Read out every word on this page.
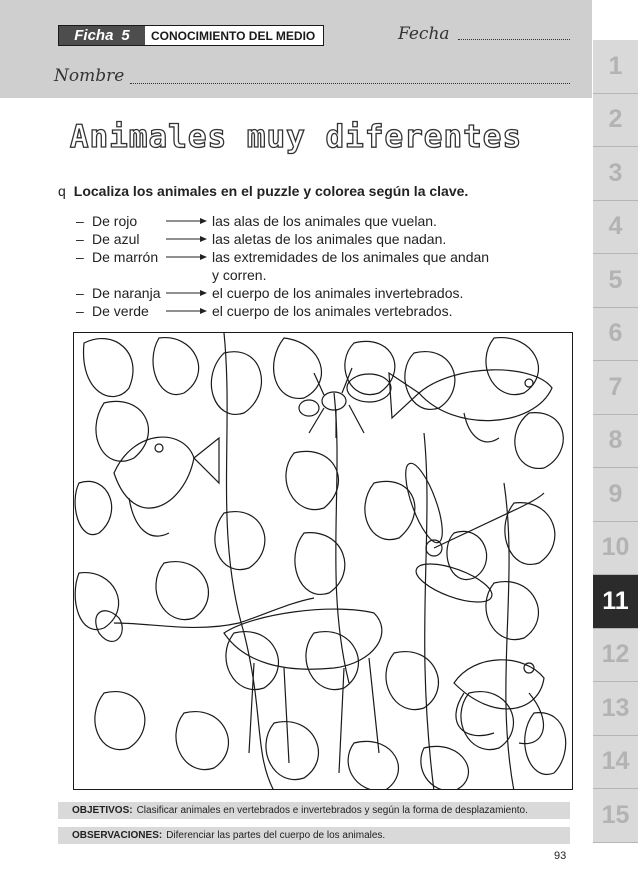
Ficha 5	CONOCIMIENTO DEL MEDIO	Fecha
Nombre	1
2
3
4
5
6
7
8
9
10
11
12
13
14
15
Animales muy diferentes
q Localiza los animales en el puzzle y colorea según la clave.
– De rojo	las alas de los animales que vuelan.
– De azul	las aletas de los animales que nadan.
– De marrón	las extremidades de los animales que andan
y corren.
– De naranja	el cuerpo de los animales invertebrados.
– De verde	el cuerpo de los animales vertebrados.
OBJETIVOS: Clasificar animales en vertebrados e invertebrados y según la forma de desplazamiento.
OBSERVACIONES: Diferenciar las partes del cuerpo de los animales.
93
